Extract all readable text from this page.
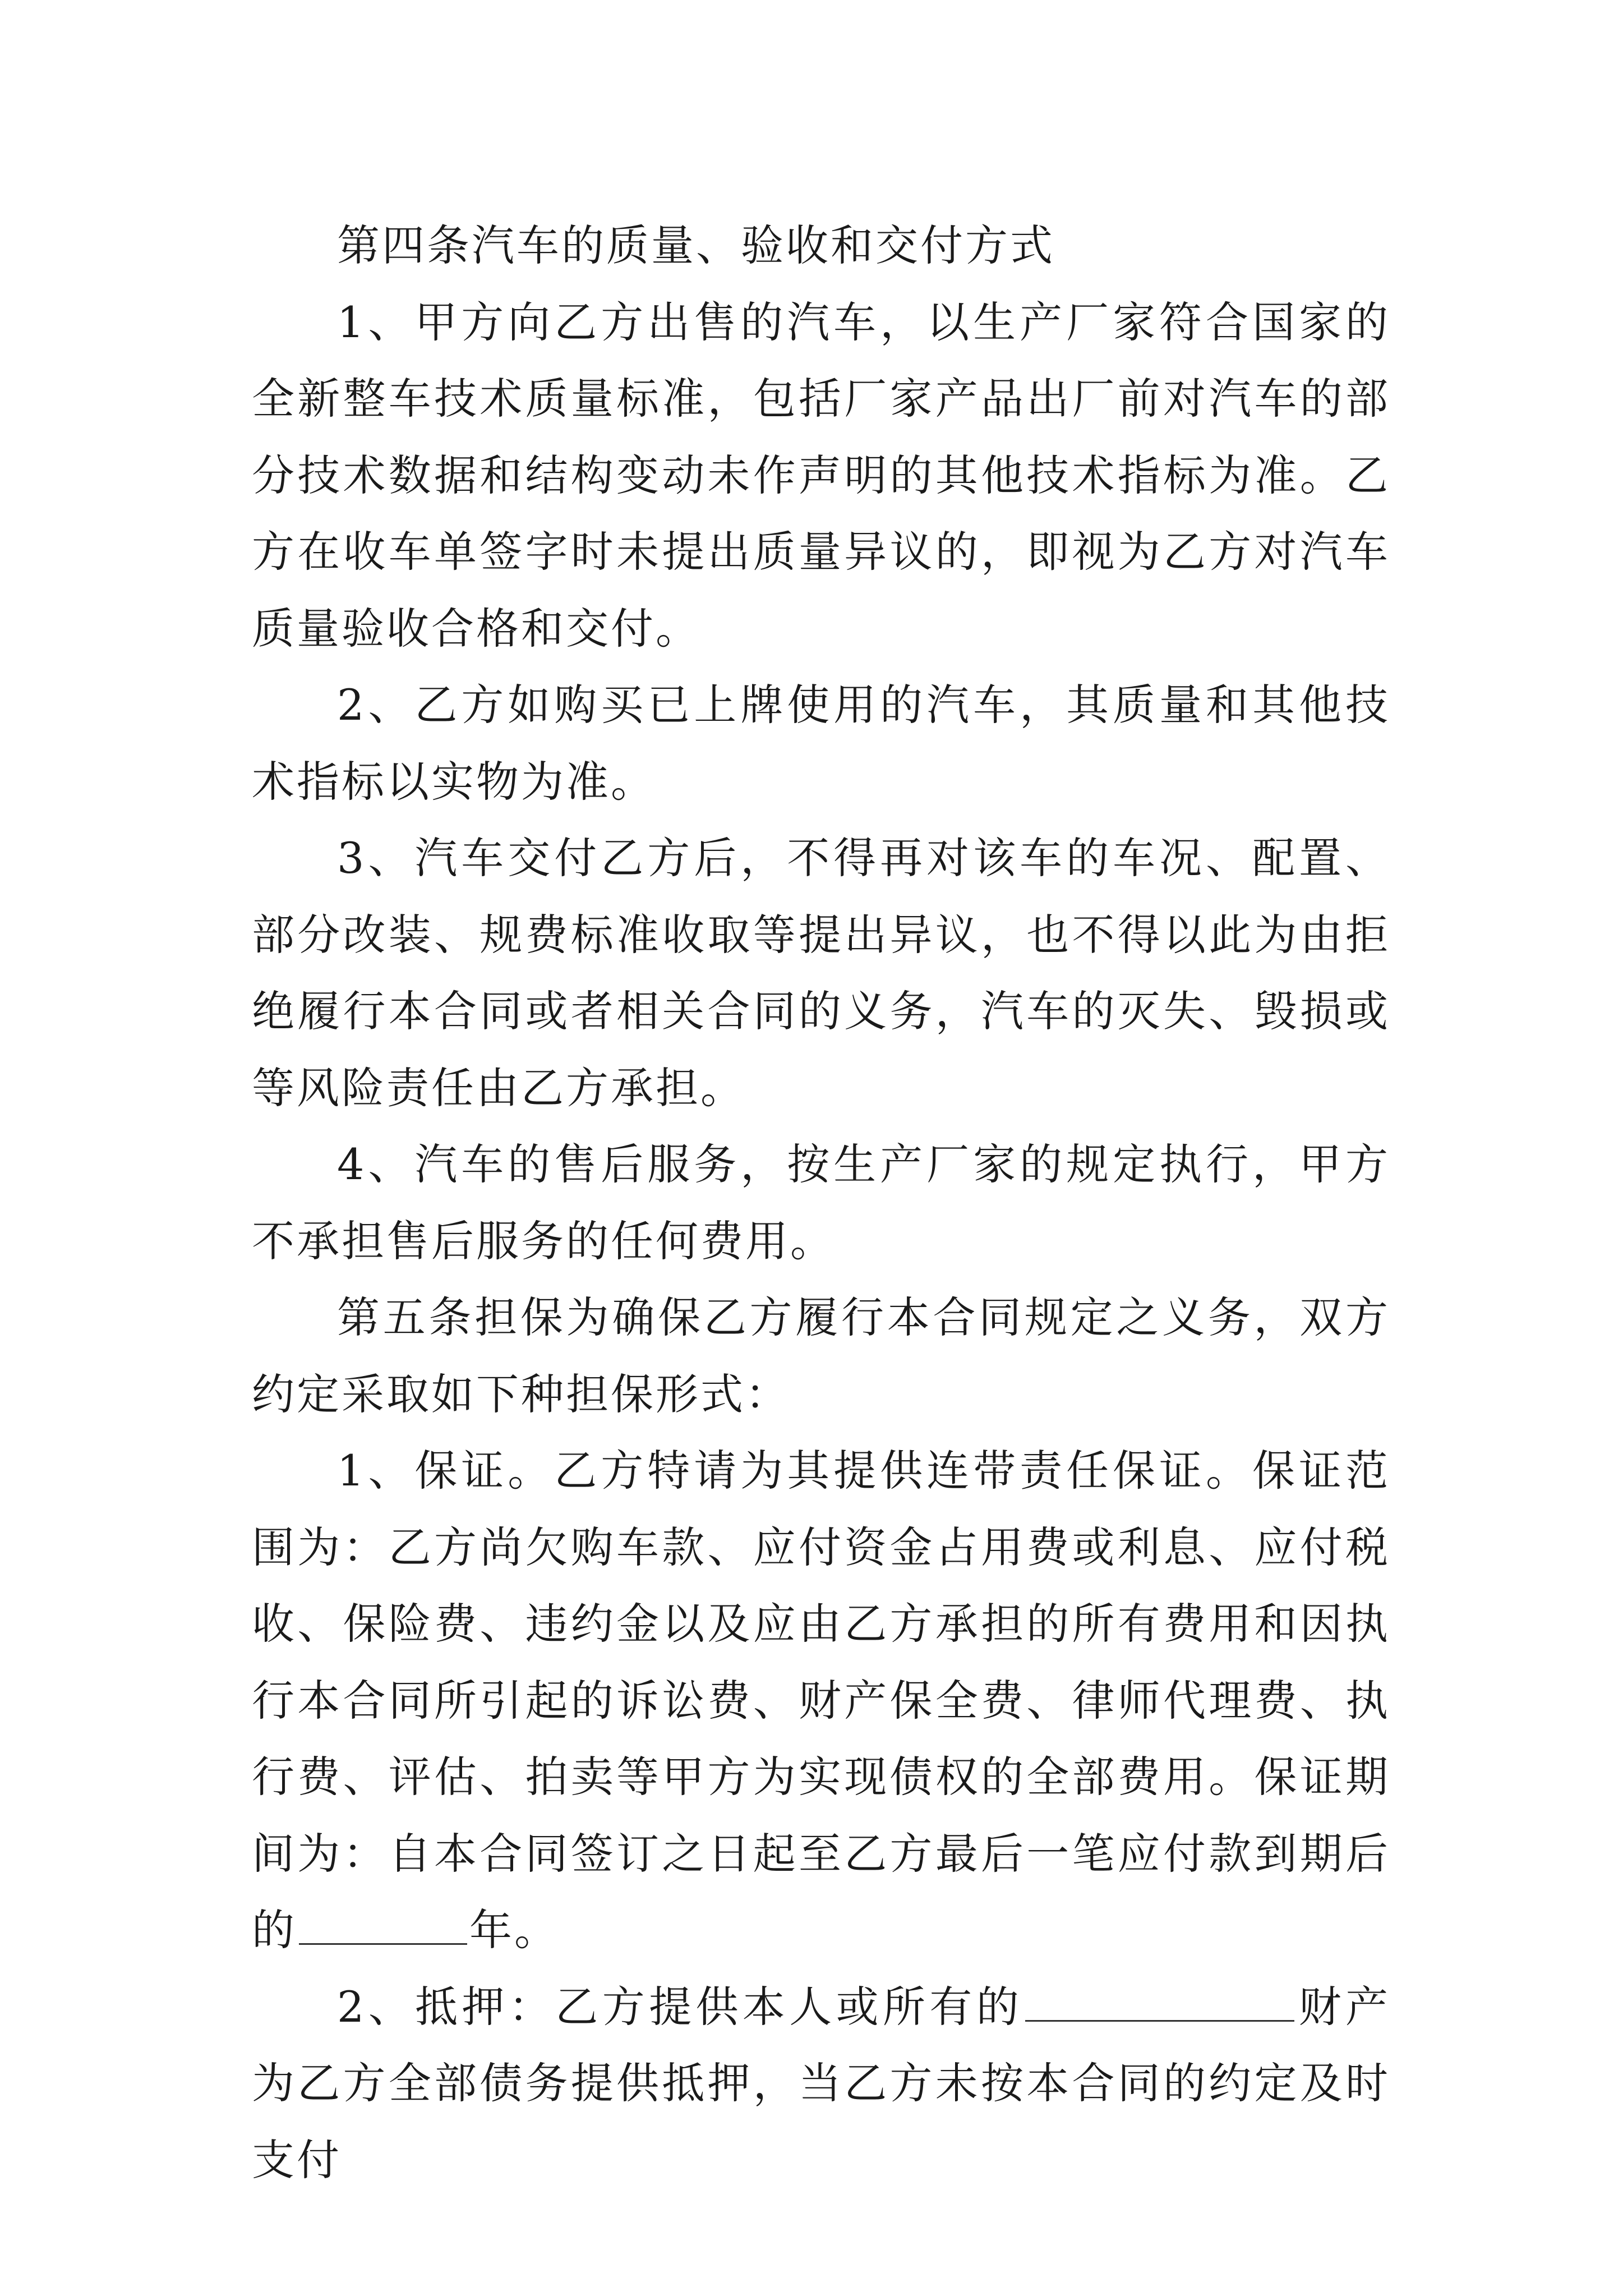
第四条汽车的质量、验收和交付方式

1、甲方向乙方出售的汽车，以生产厂家符合国家的全新整车技术质量标准，包括厂家产品出厂前对汽车的部分技术数据和结构变动未作声明的其他技术指标为准。乙方在收车单签字时未提出质量异议的，即视为乙方对汽车质量验收合格和交付。

2、乙方如购买已上牌使用的汽车，其质量和其他技术指标以实物为准。

3、汽车交付乙方后，不得再对该车的车况、配置、部分改装、规费标准收取等提出异议，也不得以此为由拒绝履行本合同或者相关合同的义务，汽车的灭失、毁损或等风险责任由乙方承担。

4、汽车的售后服务，按生产厂家的规定执行，甲方不承担售后服务的任何费用。

第五条担保为确保乙方履行本合同规定之义务，双方约定采取如下种担保形式：

1、保证。乙方特请为其提供连带责任保证。保证范围为：乙方尚欠购车款、应付资金占用费或利息、应付税收、保险费、违约金以及应由乙方承担的所有费用和因执行本合同所引起的诉讼费、财产保全费、律师代理费、执行费、评估、拍卖等甲方为实现债权的全部费用。保证期间为：自本合同签订之日起至乙方最后一笔应付款到期后的	年。

2、抵押：乙方提供本人或所有的	财产为乙方全部债务提供抵押，当乙方未按本合同的约定及时支付
